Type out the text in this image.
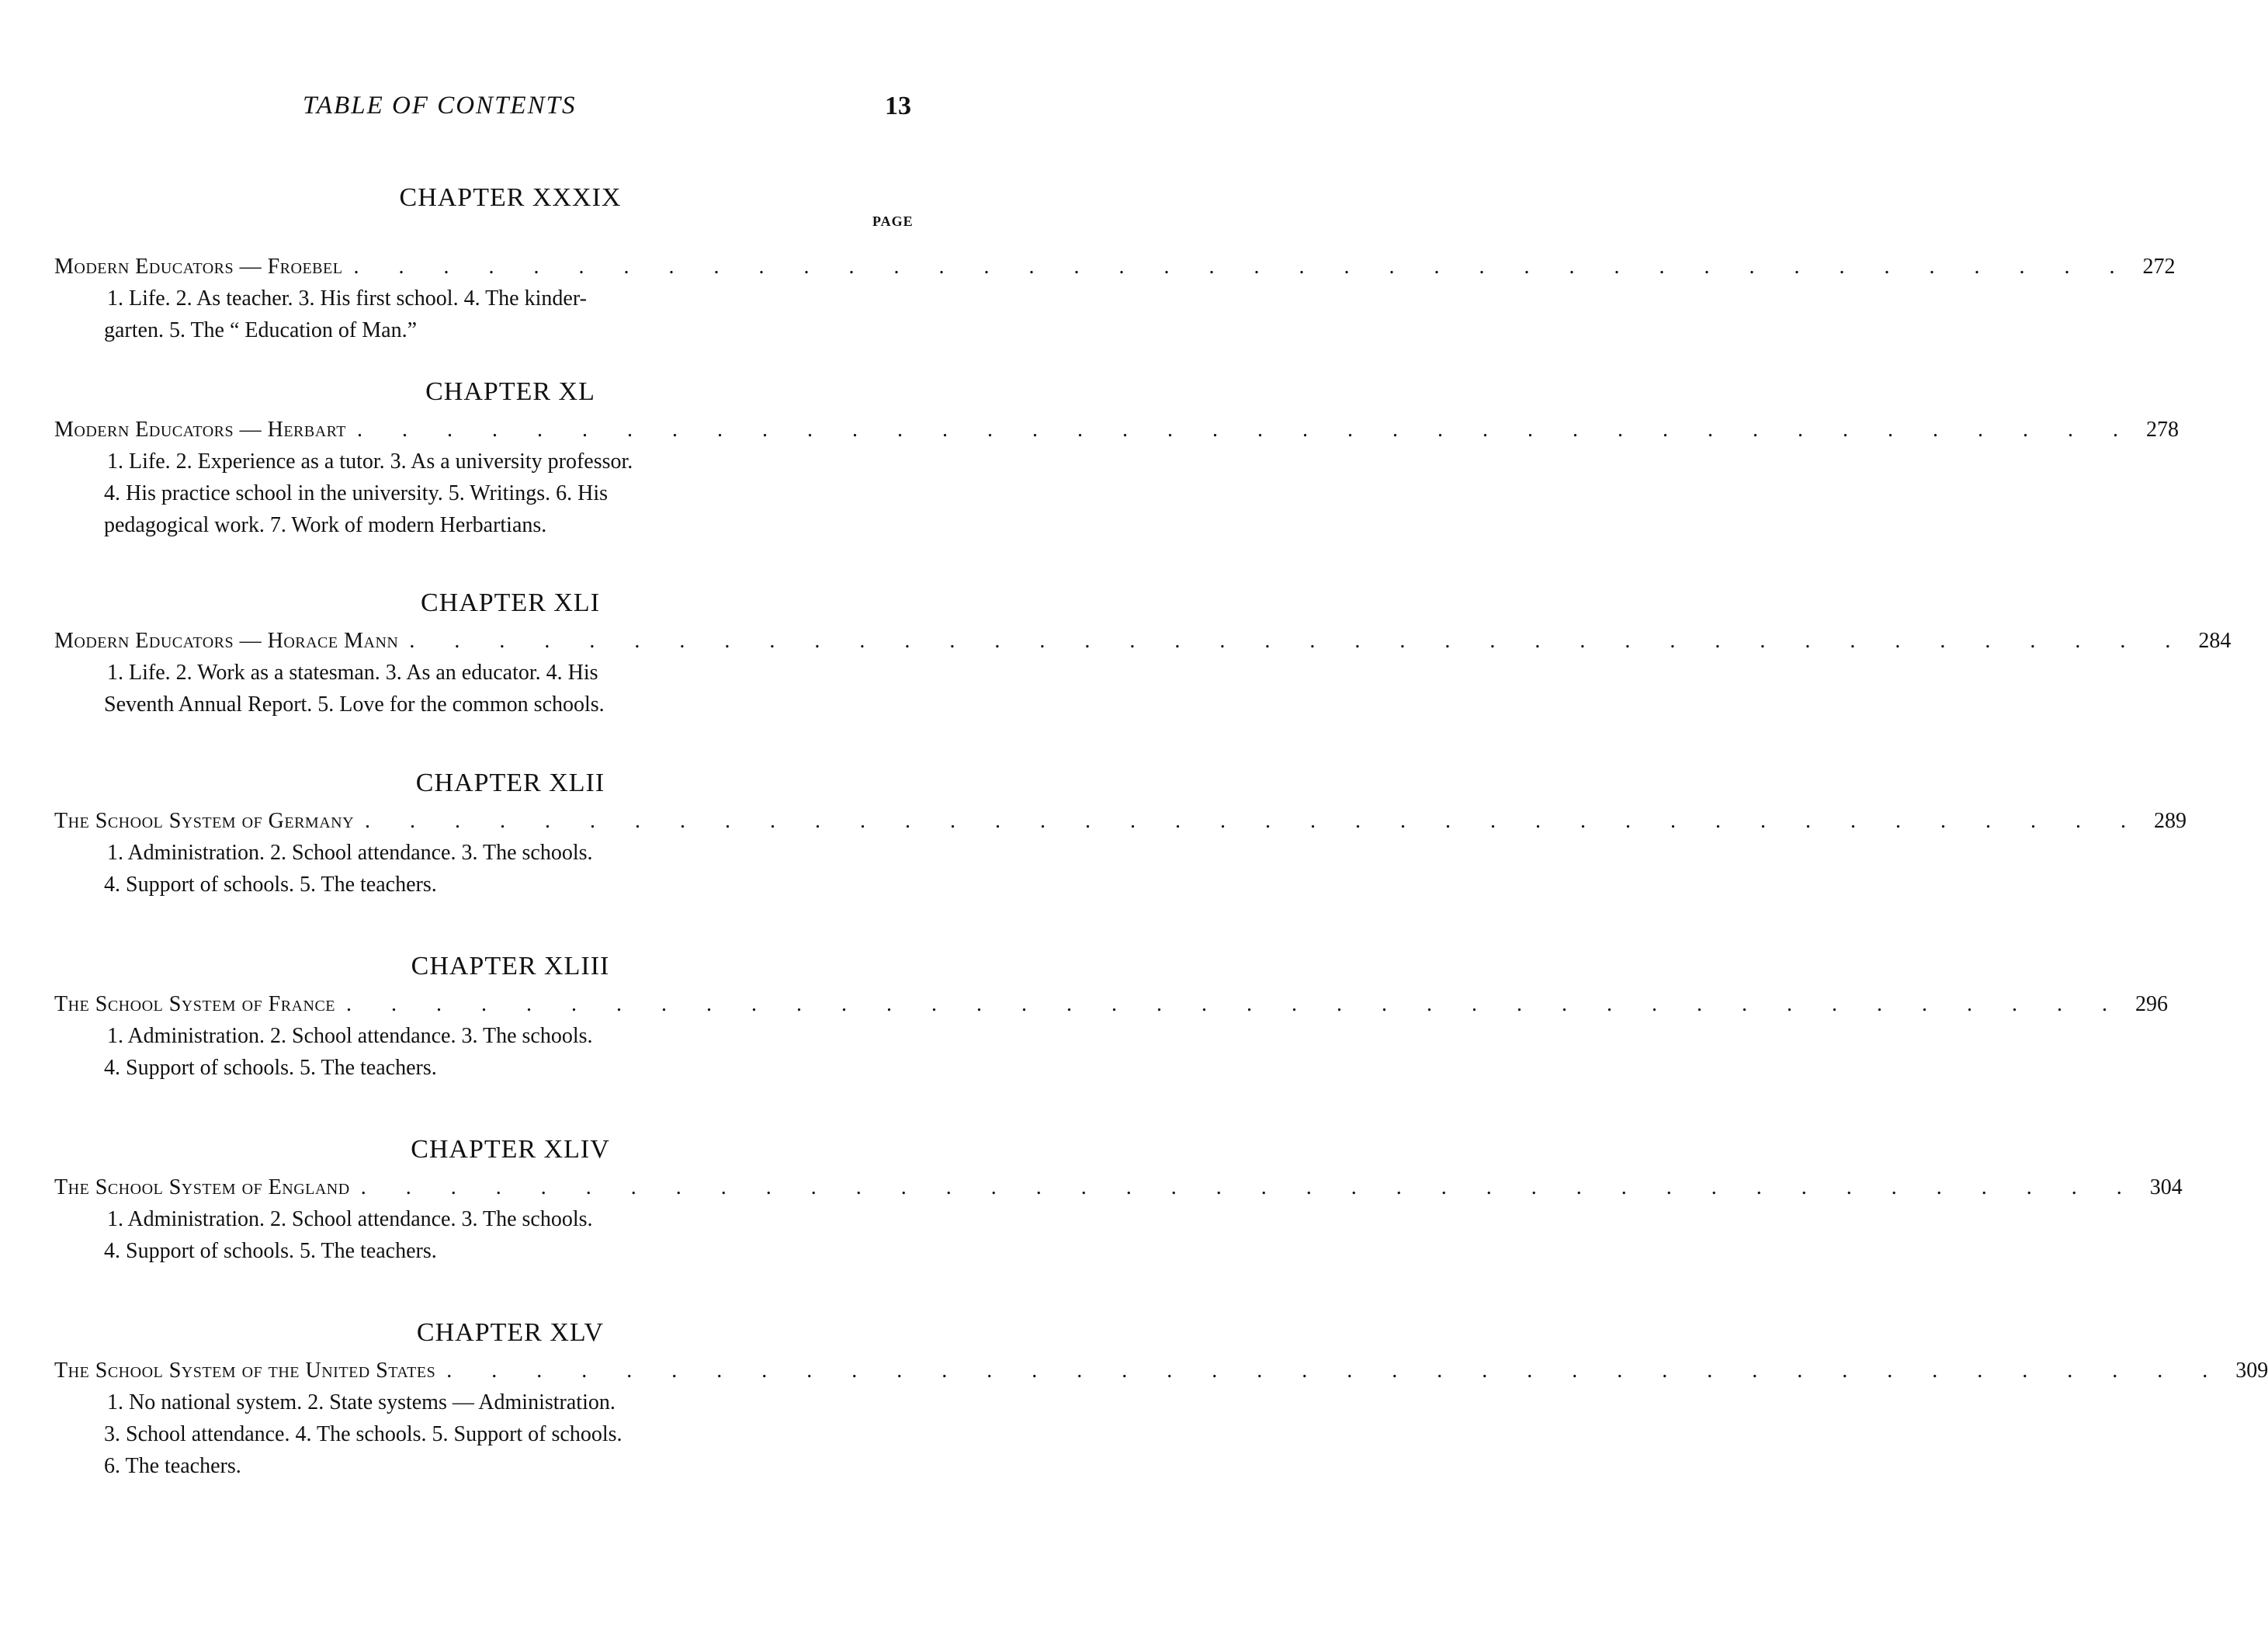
TABLE OF CONTENTS	13
PAGE
CHAPTER XXXIX
Modern Educators — Froebel . . . . . . . . . . . . . . . . . . . . . . . . . . . . . . . . . . . . . . . . 272
1. Life. 2. As teacher. 3. His first school. 4. The kinder-
garten. 5. The “ Education of Man.”
CHAPTER XL
Modern Educators — Herbart . . . . . . . . . . . . . . . . . . . . . . . . . . . . . . . . . . . . . . . . 278
1. Life. 2. Experience as a tutor. 3. As a university professor.
4. His practice school in the university. 5. Writings. 6. His
pedagogical work. 7. Work of modern Herbartians.
CHAPTER XLI
Modern Educators — Horace Mann . . . . . . . . . . . . . . . . . . . . . . . . . . . . . . . . . . . . . . . . 284
1. Life. 2. Work as a statesman. 3. As an educator. 4. His
Seventh Annual Report. 5. Love for the common schools.
CHAPTER XLII
The School System of Germany . . . . . . . . . . . . . . . . . . . . . . . . . . . . . . . . . . . . . . . . 289
1. Administration. 2. School attendance. 3. The schools.
4. Support of schools. 5. The teachers.
CHAPTER XLIII
The School System of France . . . . . . . . . . . . . . . . . . . . . . . . . . . . . . . . . . . . . . . . 296
1. Administration. 2. School attendance. 3. The schools.
4. Support of schools. 5. The teachers.
CHAPTER XLIV
The School System of England . . . . . . . . . . . . . . . . . . . . . . . . . . . . . . . . . . . . . . . . 304
1. Administration. 2. School attendance. 3. The schools.
4. Support of schools. 5. The teachers.
CHAPTER XLV
The School System of the United States . . . . . . . . . . . . . . . . . . . . . . . . . . . . . . . . . . . . . . . . 309
1. No national system. 2. State systems — Administration.
3. School attendance. 4. The schools. 5. Support of schools.
6. The teachers.
